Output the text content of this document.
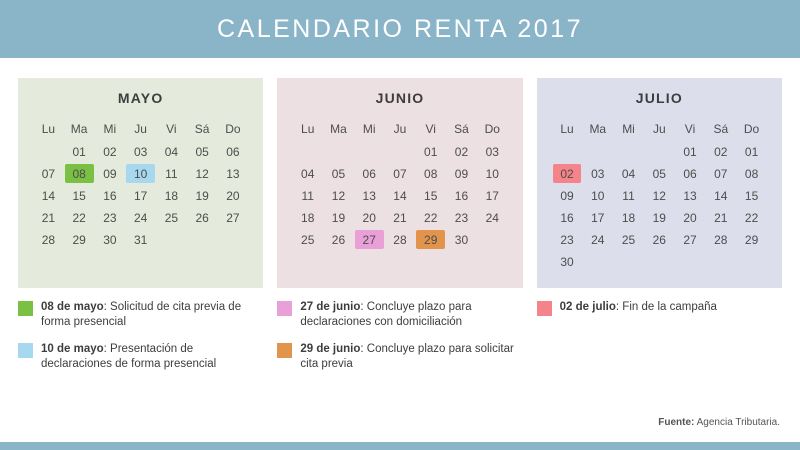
CALENDARIO RENTA 2017
MAYO
Lu	Ma	Mi	Ju	Vi	Sá	Do
	01	02	03	04	05	06
07	08	09	10	11	12	13
14	15	16	17	18	19	20
21	22	23	24	25	26	27
28	29	30	31			
JUNIO
Lu	Ma	Mi	Ju	Vi	Sá	Do
				01	02	03
04	05	06	07	08	09	10
11	12	13	14	15	16	17
18	19	20	21	22	23	24
25	26	27	28	29	30	
JULIO
Lu	Ma	Mi	Ju	Vi	Sá	Do
				01	02	01
02	03	04	05	06	07	08
09	10	11	12	13	14	15
16	17	18	19	20	21	22
23	24	25	26	27	28	29
30						
08 de mayo: Solicitud de cita previa de forma presencial
10 de mayo: Presentación de declaraciones de forma presencial
27 de junio: Concluye plazo para declaraciones con domiciliación
29 de junio: Concluye plazo para solicitar cita previa
02 de julio: Fin de la campaña
Fuente: Agencia Tributaria.
